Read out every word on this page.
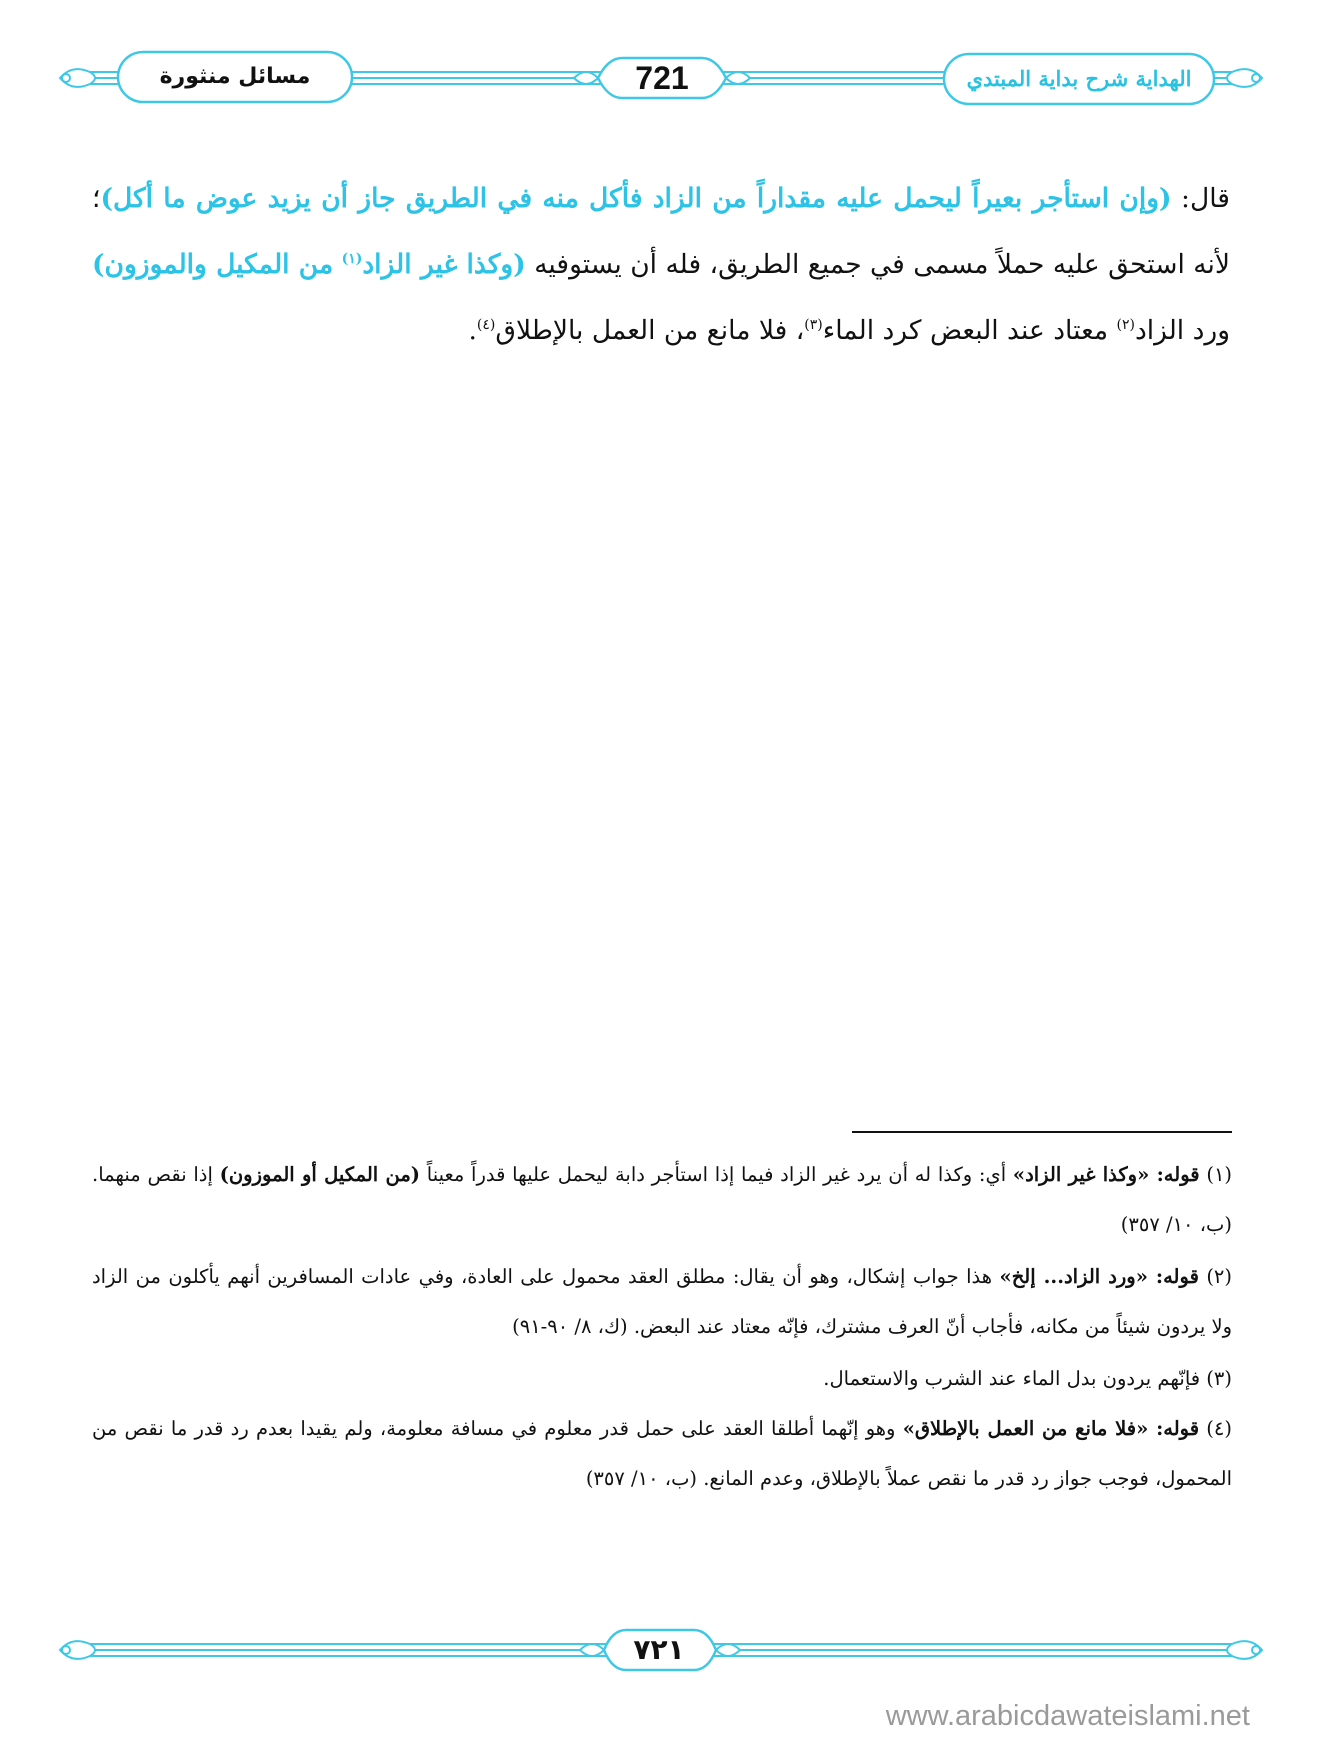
مسائل منثورة	721	الهداية شرح بداية المبتدي
قال: (وإن استأجر بعيراً ليحمل عليه مقداراً من الزاد فأكل منه في الطريق جاز أن يزيد عوض ما أكل)؛ لأنه استحق عليه حملاً مسمى في جميع الطريق، فله أن يستوفيه (وكذا غير الزاد$^{(١)}$ من المكيل والموزون) ورد الزاد$^{(٢)}$ معتاد عند البعض كرد الماء$^{(٣)}$، فلا مانع من العمل بالإطلاق$^{(٤)}$.
(١) قوله: «وكذا غير الزاد» أي: وكذا له أن يرد غير الزاد فيما إذا استأجر دابة ليحمل عليها قدراً معيناً (من المكيل أو الموزون) إذا نقص منهما. (ب، ١٠/ ٣٥٧)
(٢) قوله: «ورد الزاد... إلخ» هذا جواب إشكال، وهو أن يقال: مطلق العقد محمول على العادة، وفي عادات المسافرين أنهم يأكلون من الزاد ولا يردون شيئاً من مكانه، فأجاب أنّ العرف مشترك، فإنّه معتاد عند البعض. (ك، ٨/ ٩٠-٩١)
(٣) فإنّهم يردون بدل الماء عند الشرب والاستعمال.
(٤) قوله: «فلا مانع من العمل بالإطلاق» وهو إنّهما أطلقا العقد على حمل قدر معلوم في مسافة معلومة، ولم يقيدا بعدم رد قدر ما نقص من المحمول، فوجب جواز رد قدر ما نقص عملاً بالإطلاق، وعدم المانع. (ب، ١٠/ ٣٥٧)
٧٢١
www.arabicdawateislami.net
